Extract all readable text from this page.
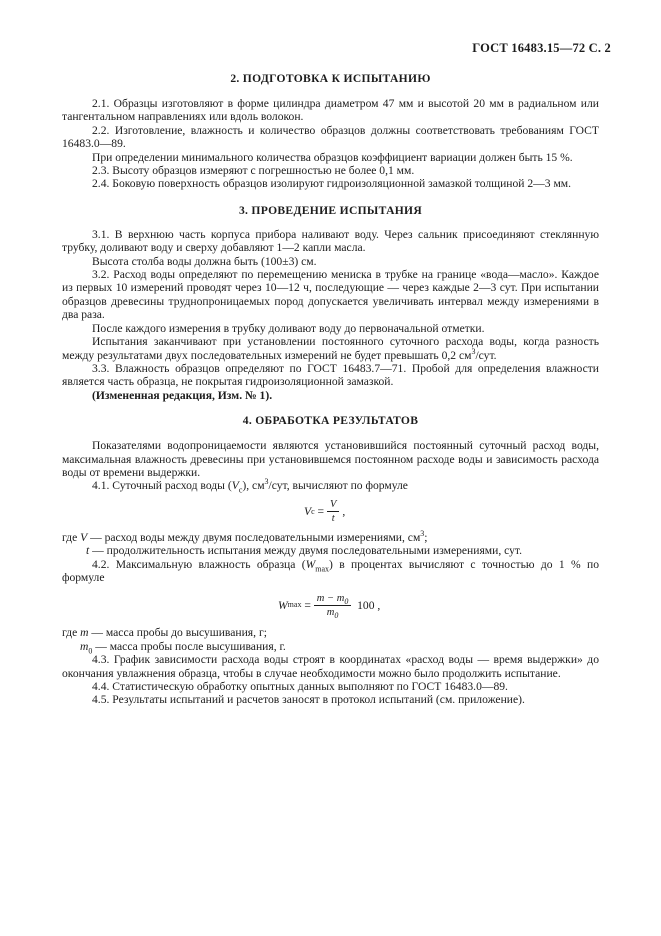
ГОСТ 16483.15—72 С. 2
2. ПОДГОТОВКА К ИСПЫТАНИЮ

2.1. Образцы изготовляют в форме цилиндра диаметром 47 мм и высотой 20 мм в радиальном или тангентальном направлениях или вдоль волокон.

2.2. Изготовление, влажность и количество образцов должны соответствовать требованиям ГОСТ 16483.0—89.

При определении минимального количества образцов коэффициент вариации должен быть 15 %.

2.3. Высоту образцов измеряют с погрешностью не более 0,1 мм.

2.4. Боковую поверхность образцов изолируют гидроизоляционной замазкой толщиной 2—3 мм.

3. ПРОВЕДЕНИЕ ИСПЫТАНИЯ

3.1. В верхнюю часть корпуса прибора наливают воду. Через сальник присоединяют стеклянную трубку, доливают воду и сверху добавляют 1—2 капли масла.

Высота столба воды должна быть (100±3) см.

3.2. Расход воды определяют по перемещению мениска в трубке на границе «вода—масло». Каждое из первых 10 измерений проводят через 10—12 ч, последующие — через каждые 2—3 сут. При испытании образцов древесины труднопроницаемых пород допускается увеличивать интервал между измерениями в два раза.

После каждого измерения в трубку доливают воду до первоначальной отметки.

Испытания заканчивают при установлении постоянного суточного расхода воды, когда разность между результатами двух последовательных измерений не будет превышать 0,2 $см^3$/сут.

3.3. Влажность образцов определяют по ГОСТ 16483.7—71. Пробой для определения влажности является часть образца, не покрытая гидроизоляционной замазкой.

(Измененная редакция, Изм. № 1).

4. ОБРАБОТКА РЕЗУЛЬТАТОВ

Показателями водопроницаемости являются установившийся постоянный суточный расход воды, максимальная влажность древесины при установившемся постоянном расходе воды и зависимость расхода воды от времени выдержки.

4.1. Суточный расход воды $(V_c)$, $см^3$/сут, вычисляют по формуле

V $c = \frac{V}{t}$ ,

где V — расход воды между двумя последовательными измерениями, $см^3$;

t — продолжительность испытания между двумя последовательными измерениями, сут.

4.2. Максимальную влажность образца $(W_{max})$ в процентах вычисляют с точностью до 1 % по формуле

W $\max = \frac{m - m_0}{m_0} 100$ ,

где m — масса пробы до высушивания, г;

$m_0$ — масса пробы после высушивания, г.

4.3. График зависимости расхода воды строят в координатах «расход воды — время выдержки» до окончания увлажнения образца, чтобы в случае необходимости можно было продолжить испытание.

4.4. Статистическую обработку опытных данных выполняют по ГОСТ 16483.0—89.

4.5. Результаты испытаний и расчетов заносят в протокол испытаний (см. приложение).
